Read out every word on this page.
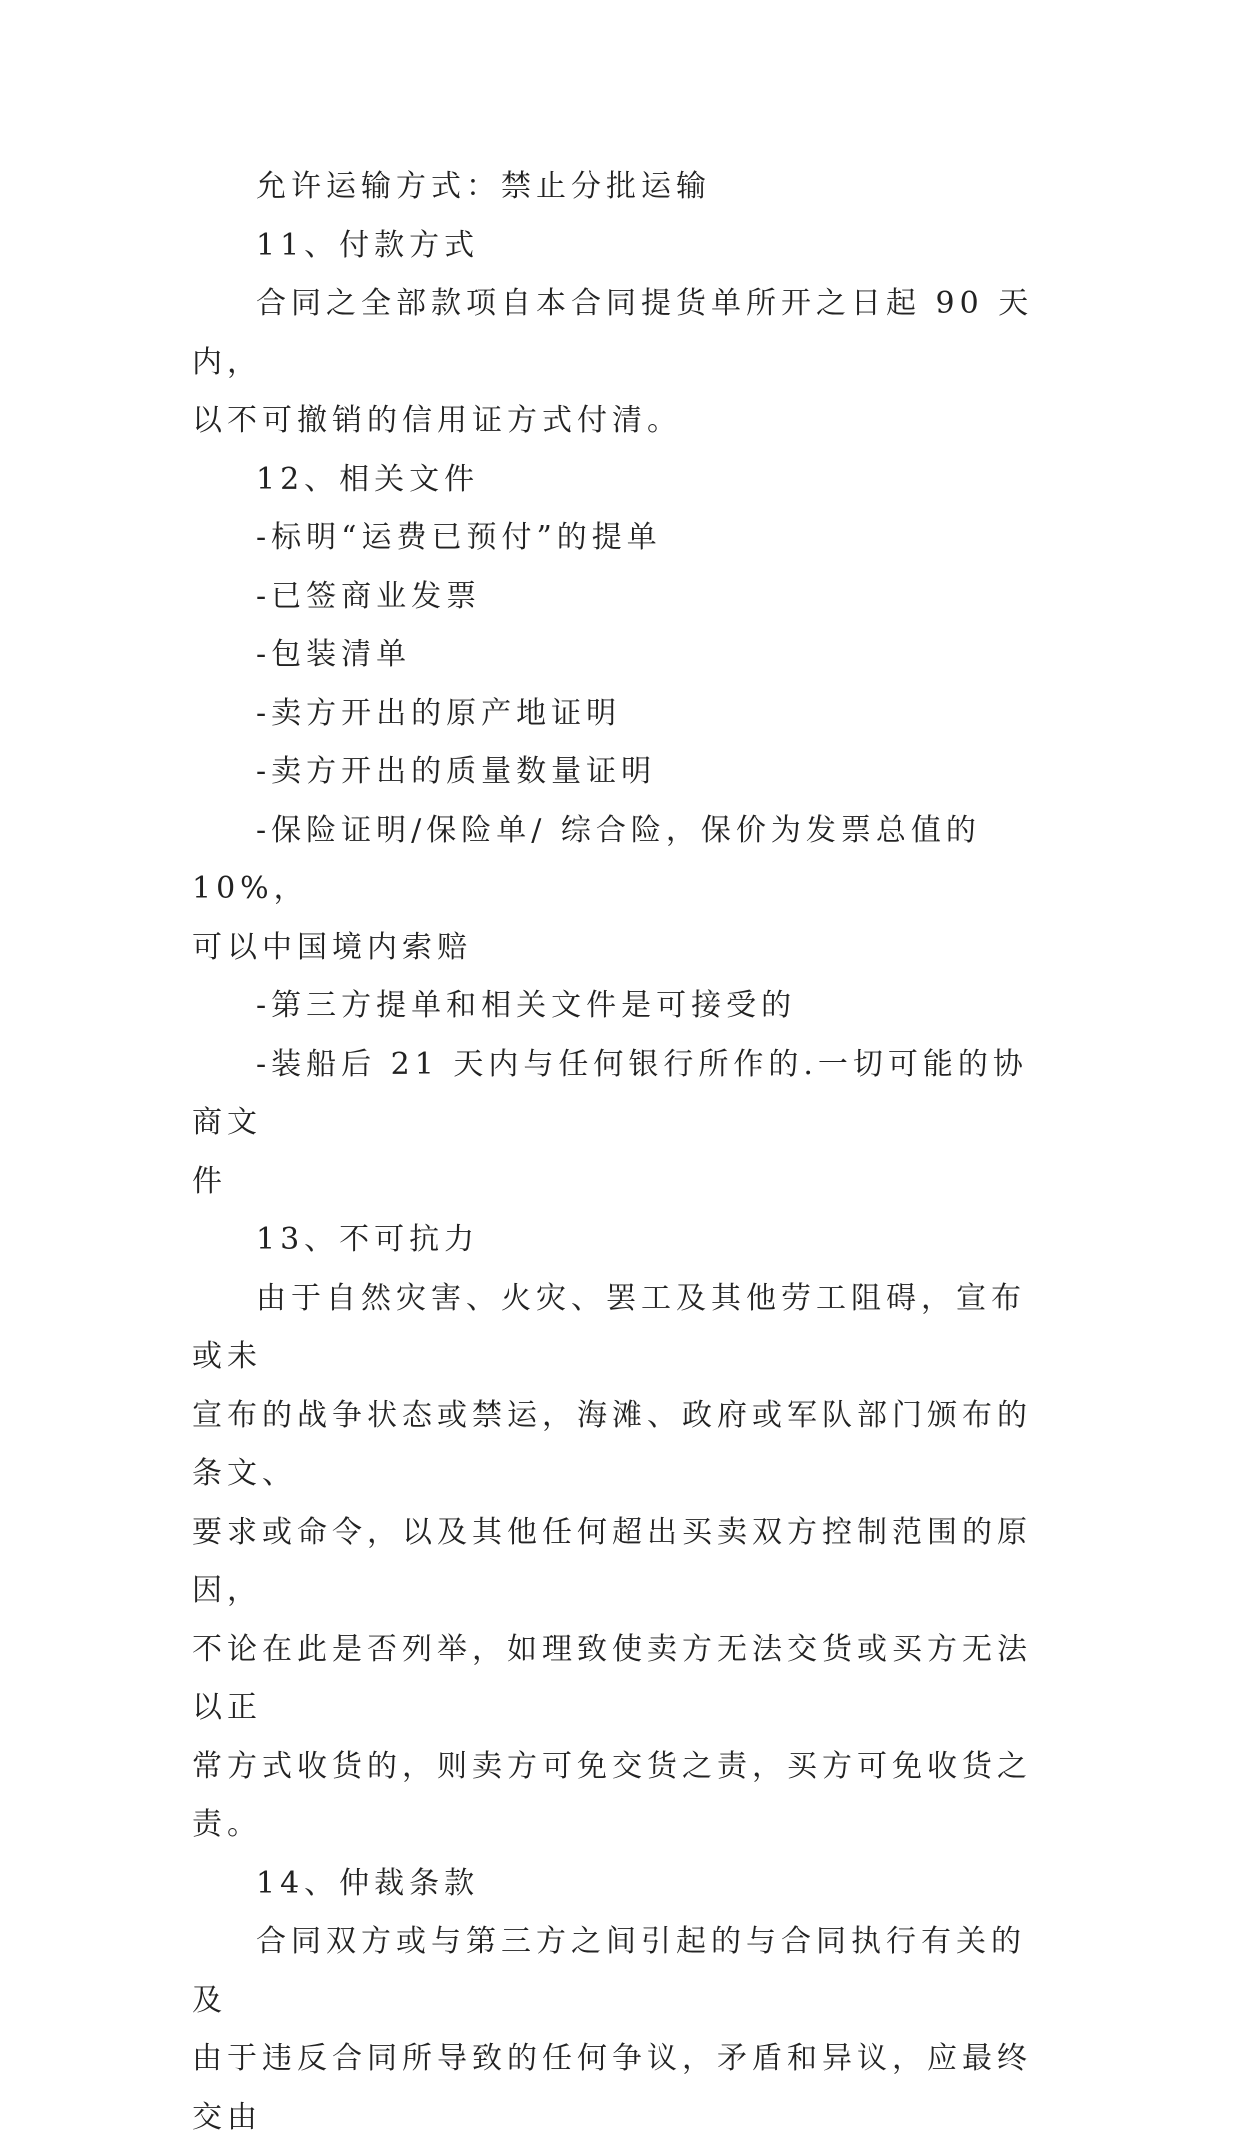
允许运输方式：禁止分批运输

11、付款方式

合同之全部款项自本合同提货单所开之日起 90 天内，

以不可撤销的信用证方式付清。

12、相关文件

-标明“运费已预付”的提单

-已签商业发票

-包装清单

-卖方开出的原产地证明

-卖方开出的质量数量证明

-保险证明/保险单/ 综合险，保价为发票总值的 10%，

可以中国境内索赔

-第三方提单和相关文件是可接受的

-装船后 21 天内与任何银行所作的.一切可能的协商文

件

13、不可抗力

由于自然灾害、火灾、罢工及其他劳工阻碍，宣布或未

宣布的战争状态或禁运，海滩、政府或军队部门颁布的条文、

要求或命令，以及其他任何超出买卖双方控制范围的原因，

不论在此是否列举，如理致使卖方无法交货或买方无法以正

常方式收货的，则卖方可免交货之责，买方可免收货之责。

14、仲裁条款

合同双方或与第三方之间引起的与合同执行有关的及

由于违反合同所导致的任何争议，矛盾和异议，应最终交由
